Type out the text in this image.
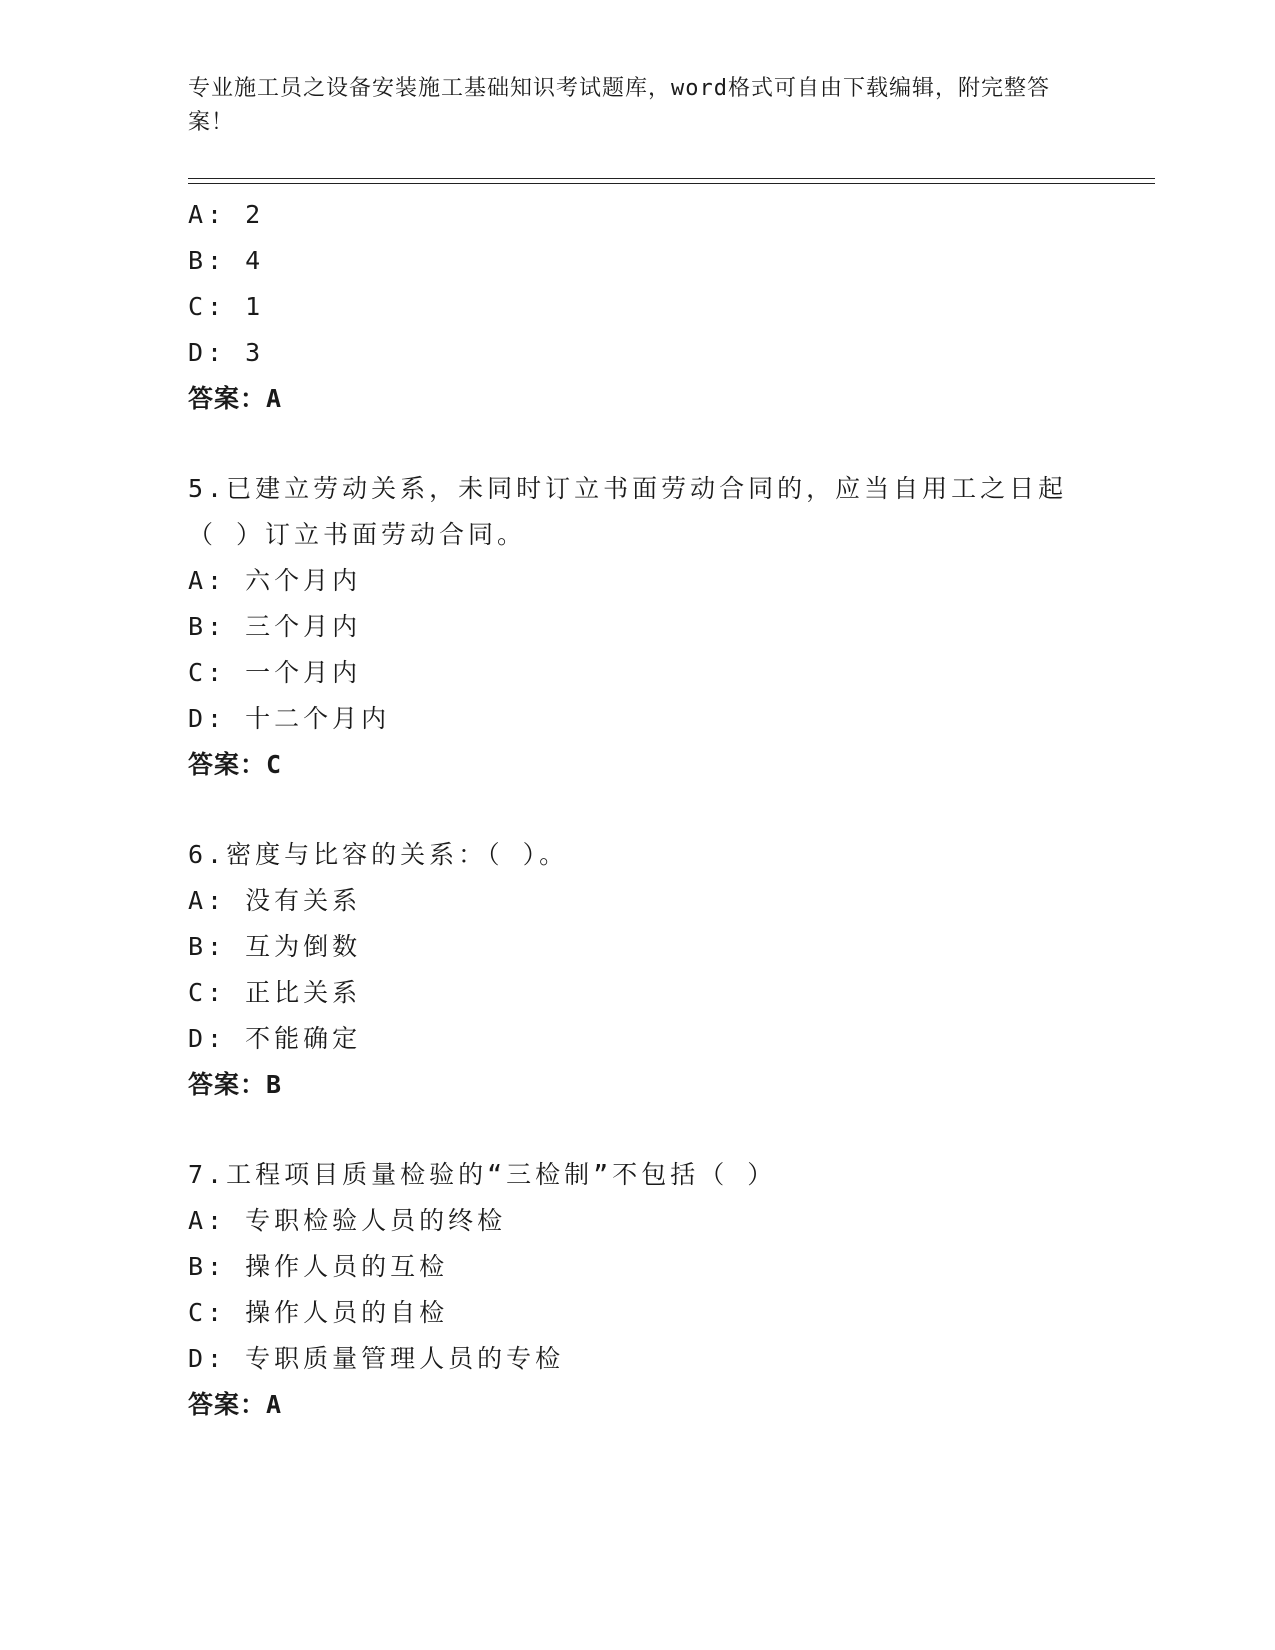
专业施工员之设备安装施工基础知识考试题库，word格式可自由下载编辑，附完整答案！
A: 2
B: 4
C: 1
D: 3
答案：A
5.已建立劳动关系，未同时订立书面劳动合同的，应当自用工之日起（ ）订立书面劳动合同。
A: 六个月内
B: 三个月内
C: 一个月内
D: 十二个月内
答案：C
6.密度与比容的关系：（ ）。
A: 没有关系
B: 互为倒数
C: 正比关系
D: 不能确定
答案：B
7.工程项目质量检验的“三检制”不包括（ ）
A: 专职检验人员的终检
B: 操作人员的互检
C: 操作人员的自检
D: 专职质量管理人员的专检
答案：A
